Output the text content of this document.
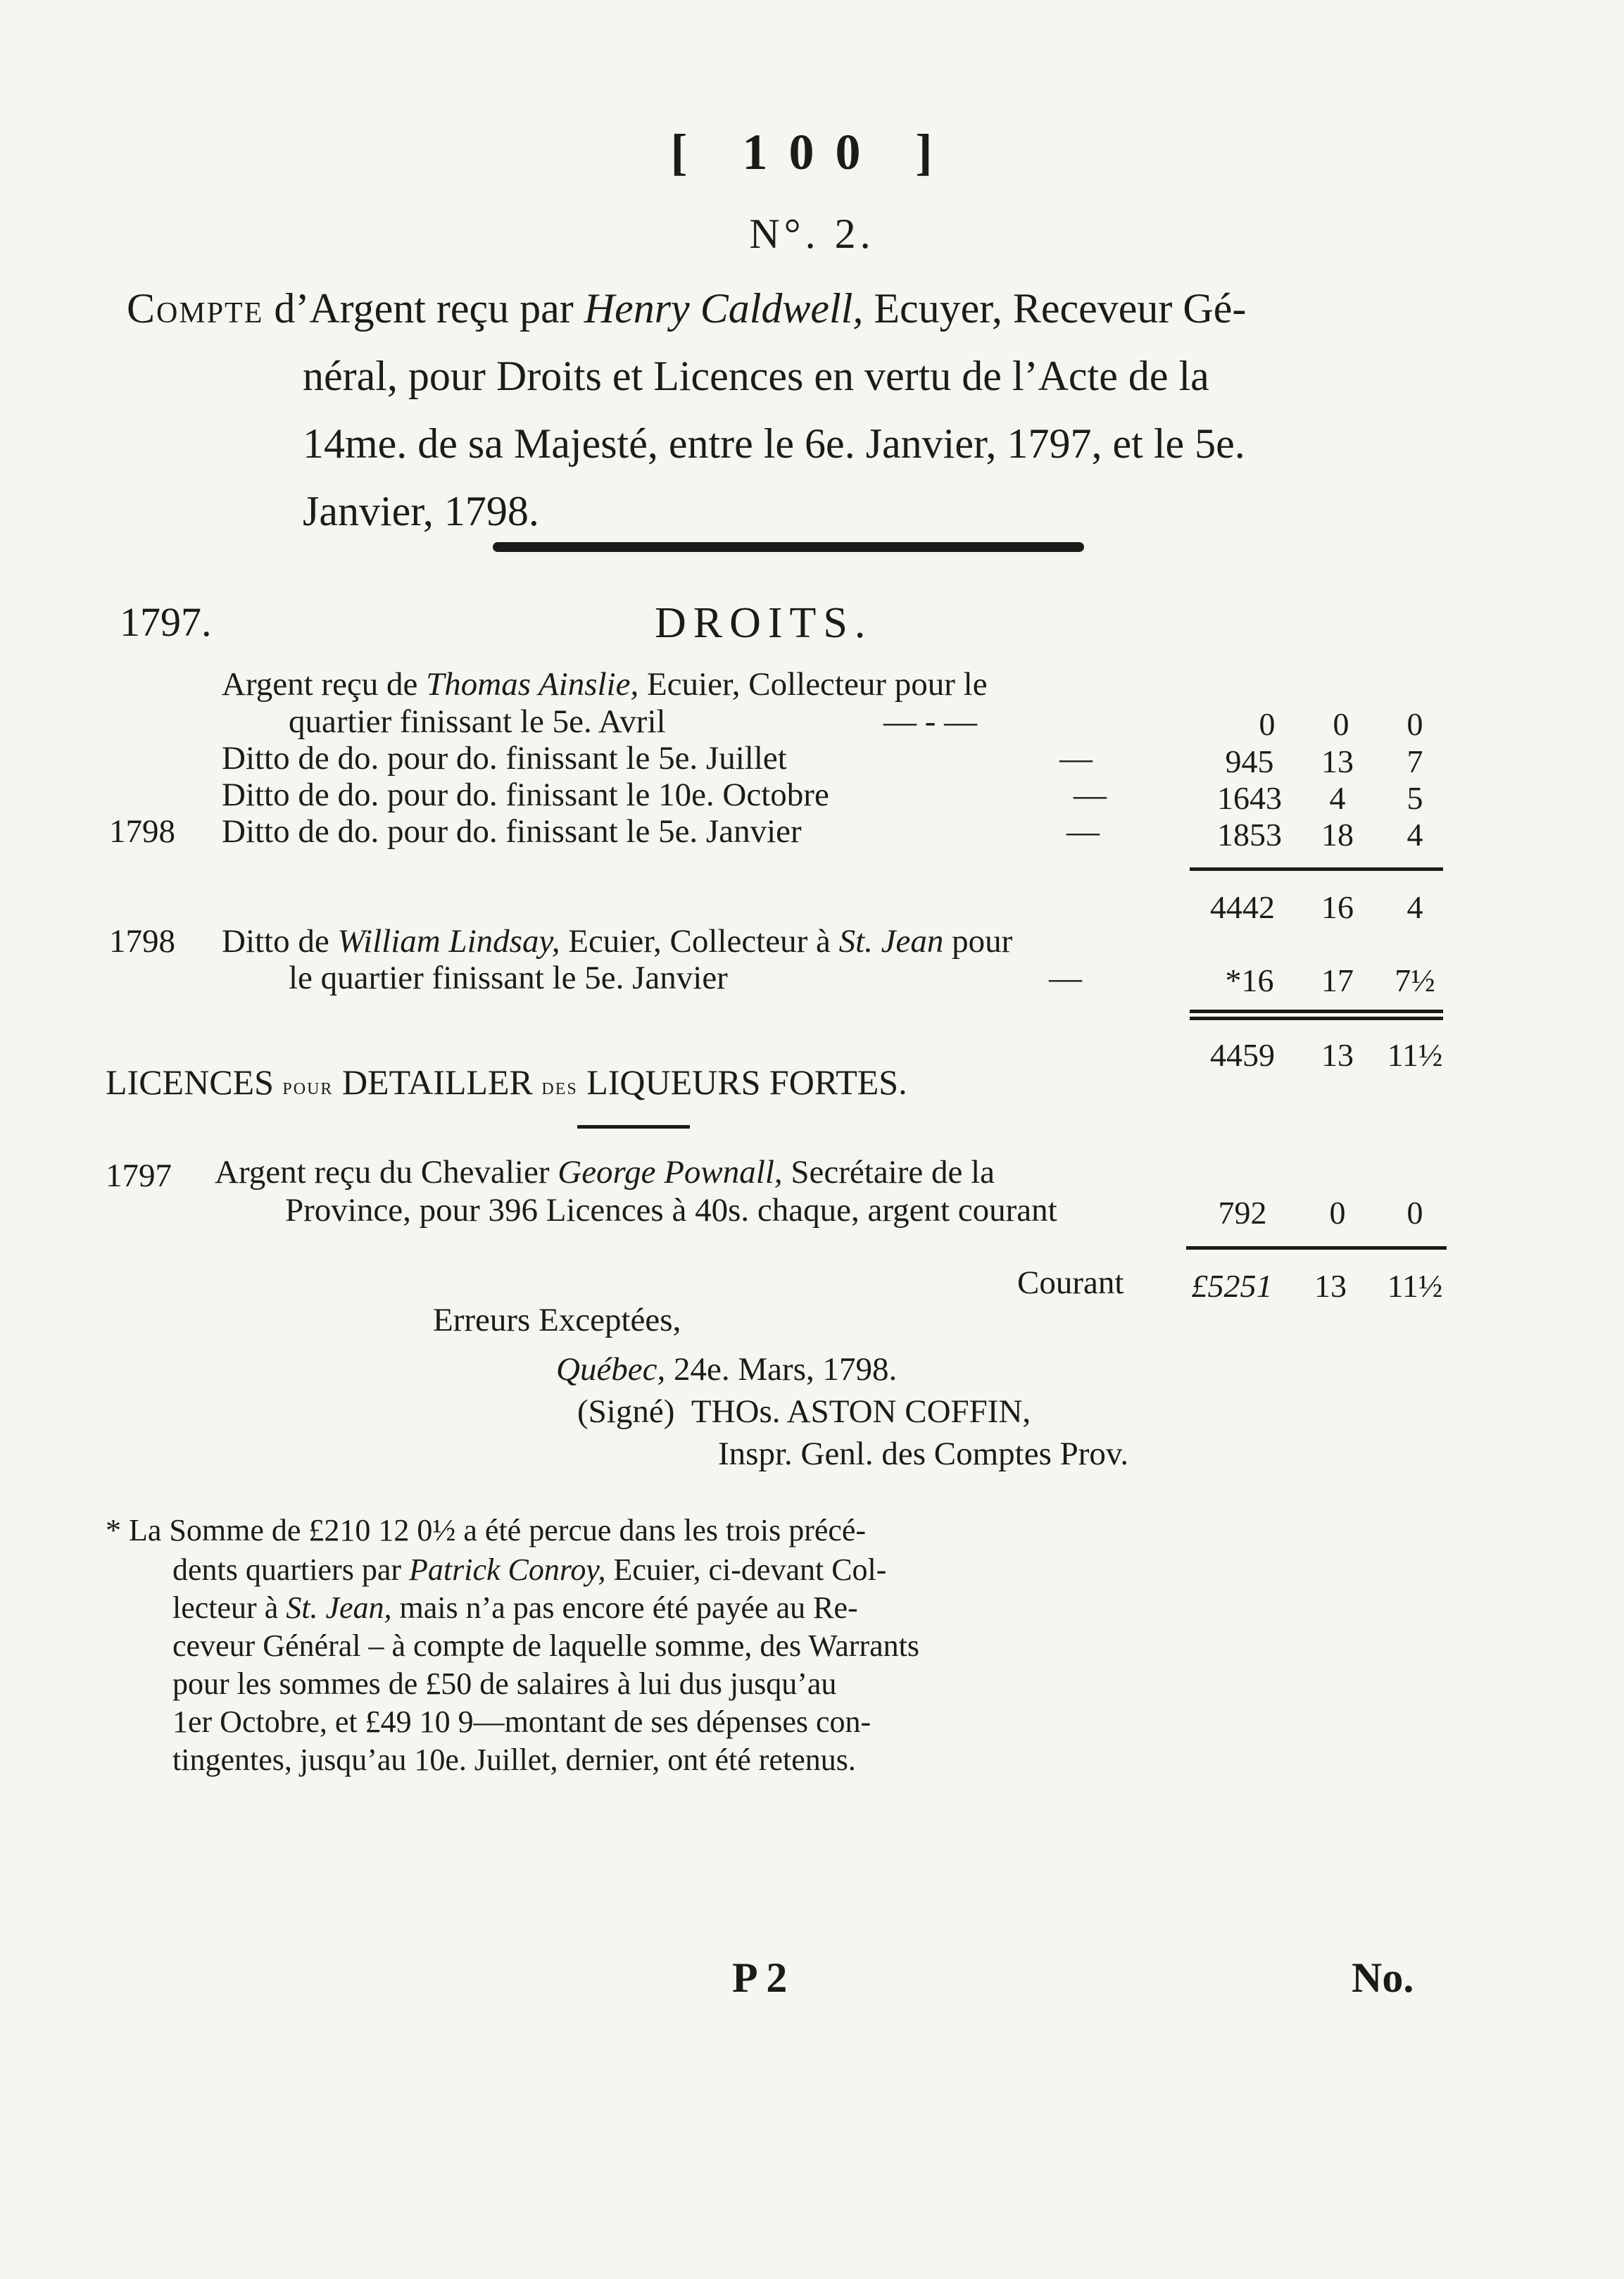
[ 100 ]
N°. 2.
Compte d’Argent reçu par Henry Caldwell, Ecuyer, Receveur Gé-
néral, pour Droits et Licences en vertu de l’Acte de la
14me. de sa Majesté, entre le 6e. Janvier, 1797, et le 5e.
Janvier, 1798.
1797.	DROITS.
Argent reçu de Thomas Ainslie, Ecuier, Collecteur pour le
quartier finissant le 5e. Avril	— - —	0	0	0
Ditto de do. pour do. finissant le 5e. Juillet	—	945	13	7
Ditto de do. pour do. finissant le 10e. Octobre	—	1643	4	5
1798 Ditto de do. pour do. finissant le 5e. Janvier	—	1853	18	4
4442	16	4
1798 Ditto de William Lindsay, Ecuier, Collecteur à St. Jean pour
le quartier finissant le 5e. Janvier	—	*16	17	7½
4459	13	11½
LICENCES pour DETAILLER des LIQUEURS FORTES.
1797 Argent reçu du Chevalier George Pownall, Secrétaire de la
Province, pour 396 Licences à 40s. chaque, argent courant	792	0	0
Courant	£5251	13	11½
Erreurs Exceptées,
Québec, 24e. Mars, 1798.
(Signé) THOs. ASTON COFFIN,
Inspr. Genl. des Comptes Prov.
* La Somme de £210 12 0½ a été percue dans les trois précé-
dents quartiers par Patrick Conroy, Ecuier, ci-devant Col-
lecteur à St. Jean, mais n’a pas encore été payée au Re-
ceveur Général – à compte de laquelle somme, des Warrants
pour les sommes de £50 de salaires à lui dus jusqu’au
1er Octobre, et £49 10 9—montant de ses dépenses con-
tingentes, jusqu’au 10e. Juillet, dernier, ont été retenus.
P 2	No.
